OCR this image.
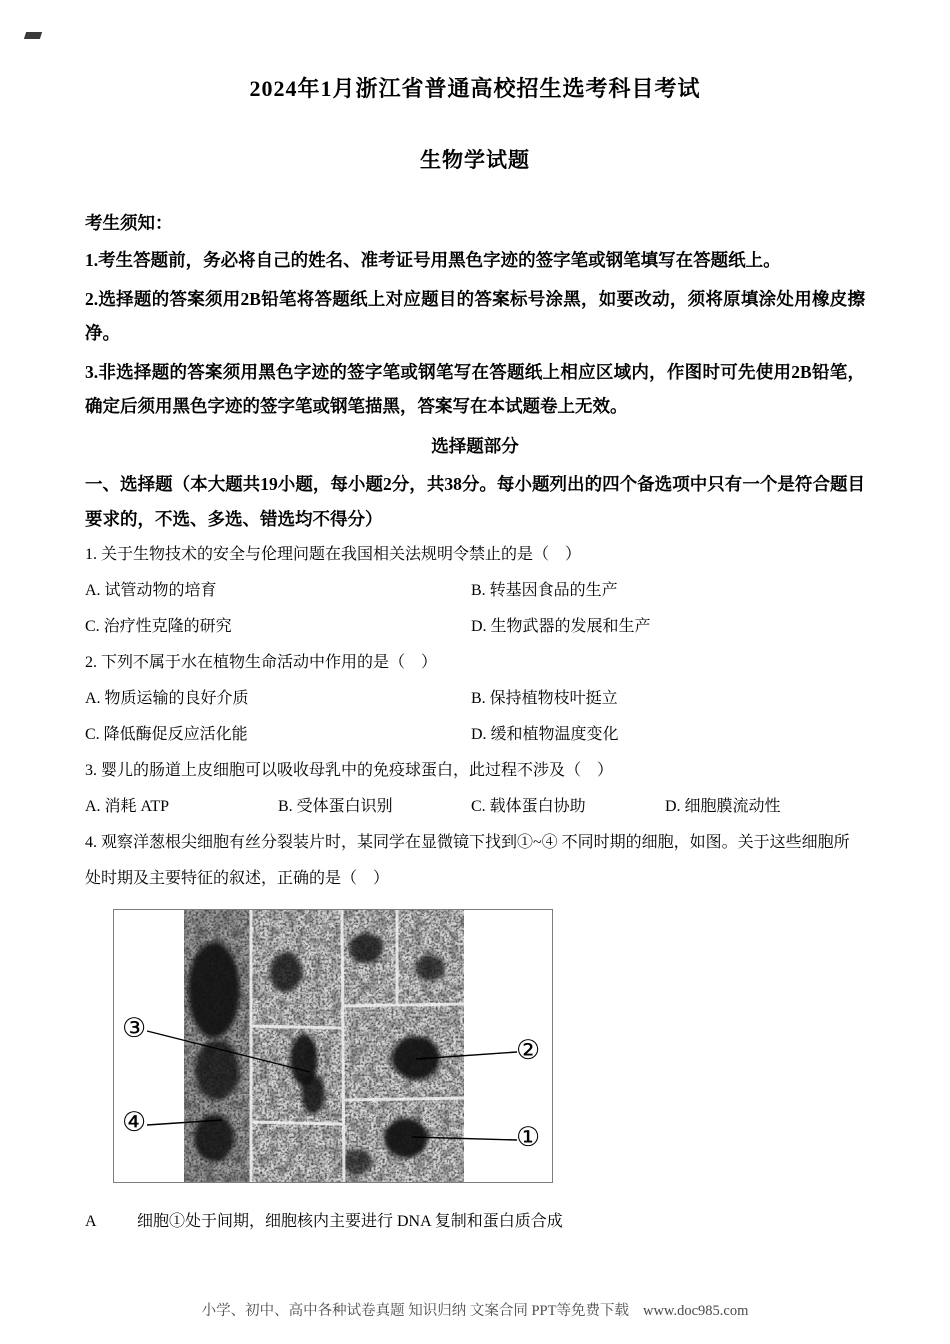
2024年1月浙江省普通高校招生选考科目考试
生物学试题

考生须知：

1.考生答题前，务必将自己的姓名、准考证号用黑色字迹的签字笔或钢笔填写在答题纸上。

2.选择题的答案须用2B铅笔将答题纸上对应题目的答案标号涂黑，如要改动，须将原填涂处用橡皮擦净。

3.非选择题的答案须用黑色字迹的签字笔或钢笔写在答题纸上相应区域内，作图时可先使用2B铅笔，确定后须用黑色字迹的签字笔或钢笔描黑，答案写在本试题卷上无效。

选择题部分

一、选择题（本大题共19小题，每小题2分，共38分。每小题列出的四个备选项中只有一个是符合题目要求的，不选、多选、错选均不得分）

1. 关于生物技术的安全与伦理问题在我国相关法规明令禁止的是（　）

A. 试管动物的培育	B. 转基因食品的生产
C. 治疗性克隆的研究	D. 生物武器的发展和生产

2. 下列不属于水在植物生命活动中作用的是（　）

A. 物质运输的良好介质	B. 保持植物枝叶挺立
C. 降低酶促反应活化能	D. 缓和植物温度变化

3. 婴儿的肠道上皮细胞可以吸收母乳中的免疫球蛋白，此过程不涉及（　）

A. 消耗 ATP	B. 受体蛋白识别	C. 载体蛋白协助	D. 细胞膜流动性

4. 观察洋葱根尖细胞有丝分裂装片时，某同学在显微镜下找到①~④ 不同时期的细胞，如图。关于这些细胞所处时期及主要特征的叙述，正确的是（　）

③
②
④	①

A	细胞①处于间期，细胞核内主要进行 DNA 复制和蛋白质合成

小学、初中、高中各种试卷真题 知识归纳 文案合同 PPT等免费下载 www.doc985.com
